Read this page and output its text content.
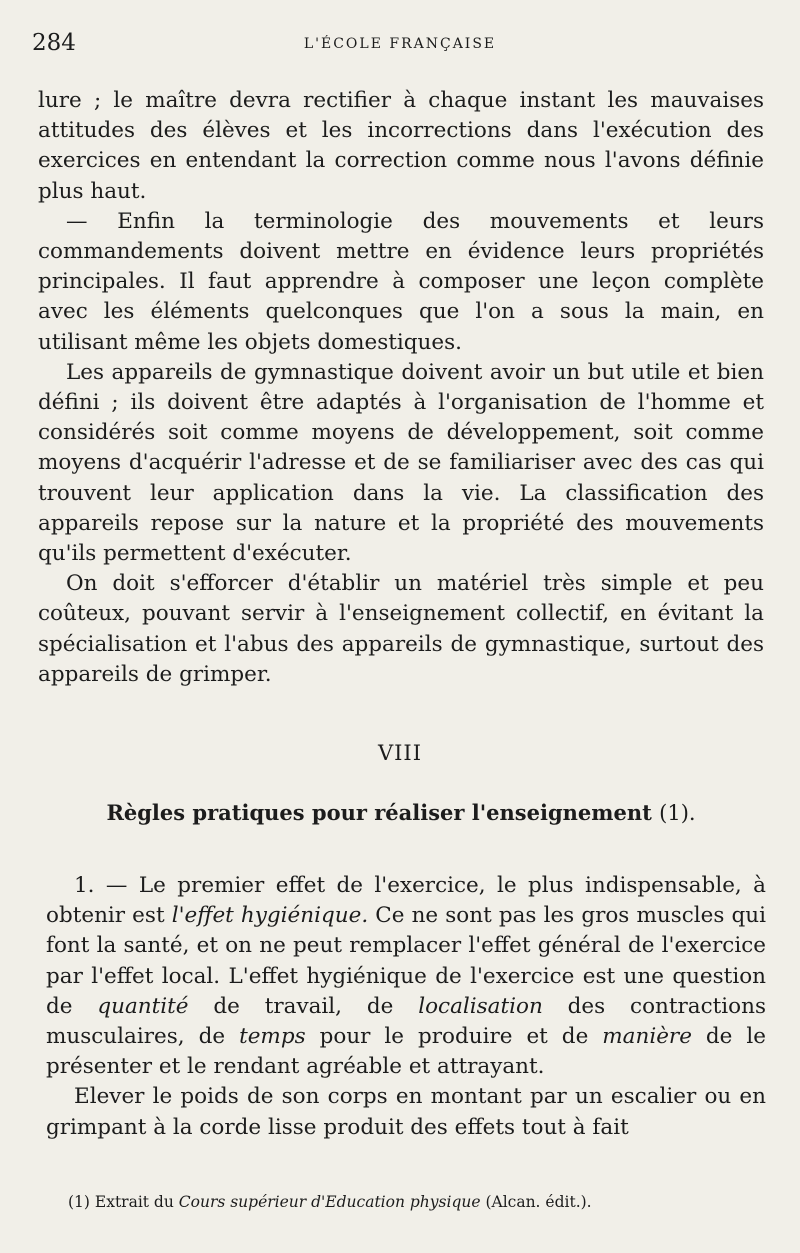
284	L'ÉCOLE FRANÇAISE

lure ; le maître devra rectifier à chaque instant les mauvaises attitudes des élèves et les incorrections dans l'exécution des exercices en entendant la correction comme nous l'avons définie plus haut.

— Enfin la terminologie des mouvements et leurs commandements doivent mettre en évidence leurs propriétés principales. Il faut apprendre à composer une leçon complète avec les éléments quelconques que l'on a sous la main, en utilisant même les objets domestiques.

Les appareils de gymnastique doivent avoir un but utile et bien défini ; ils doivent être adaptés à l'organisation de l'homme et considérés soit comme moyens de développement, soit comme moyens d'acquérir l'adresse et de se familiariser avec des cas qui trouvent leur application dans la vie. La classification des appareils repose sur la nature et la propriété des mouvements qu'ils permettent d'exécuter.

On doit s'efforcer d'établir un matériel très simple et peu coûteux, pouvant servir à l'enseignement collectif, en évitant la spécialisation et l'abus des appareils de gymnastique, surtout des appareils de grimper.

VIII
Règles pratiques pour réaliser l'enseignement (1).

1. — Le premier effet de l'exercice, le plus indispensable, à obtenir est l'effet hygiénique. Ce ne sont pas les gros muscles qui font la santé, et on ne peut remplacer l'effet général de l'exercice par l'effet local. L'effet hygiénique de l'exercice est une question de quantité de travail, de localisation des contractions musculaires, de temps pour le produire et de manière de le présenter et le rendant agréable et attrayant.

Elever le poids de son corps en montant par un escalier ou en grimpant à la corde lisse produit des effets tout à fait

(1) Extrait du Cours supérieur d'Education physique (Alcan. édit.).
